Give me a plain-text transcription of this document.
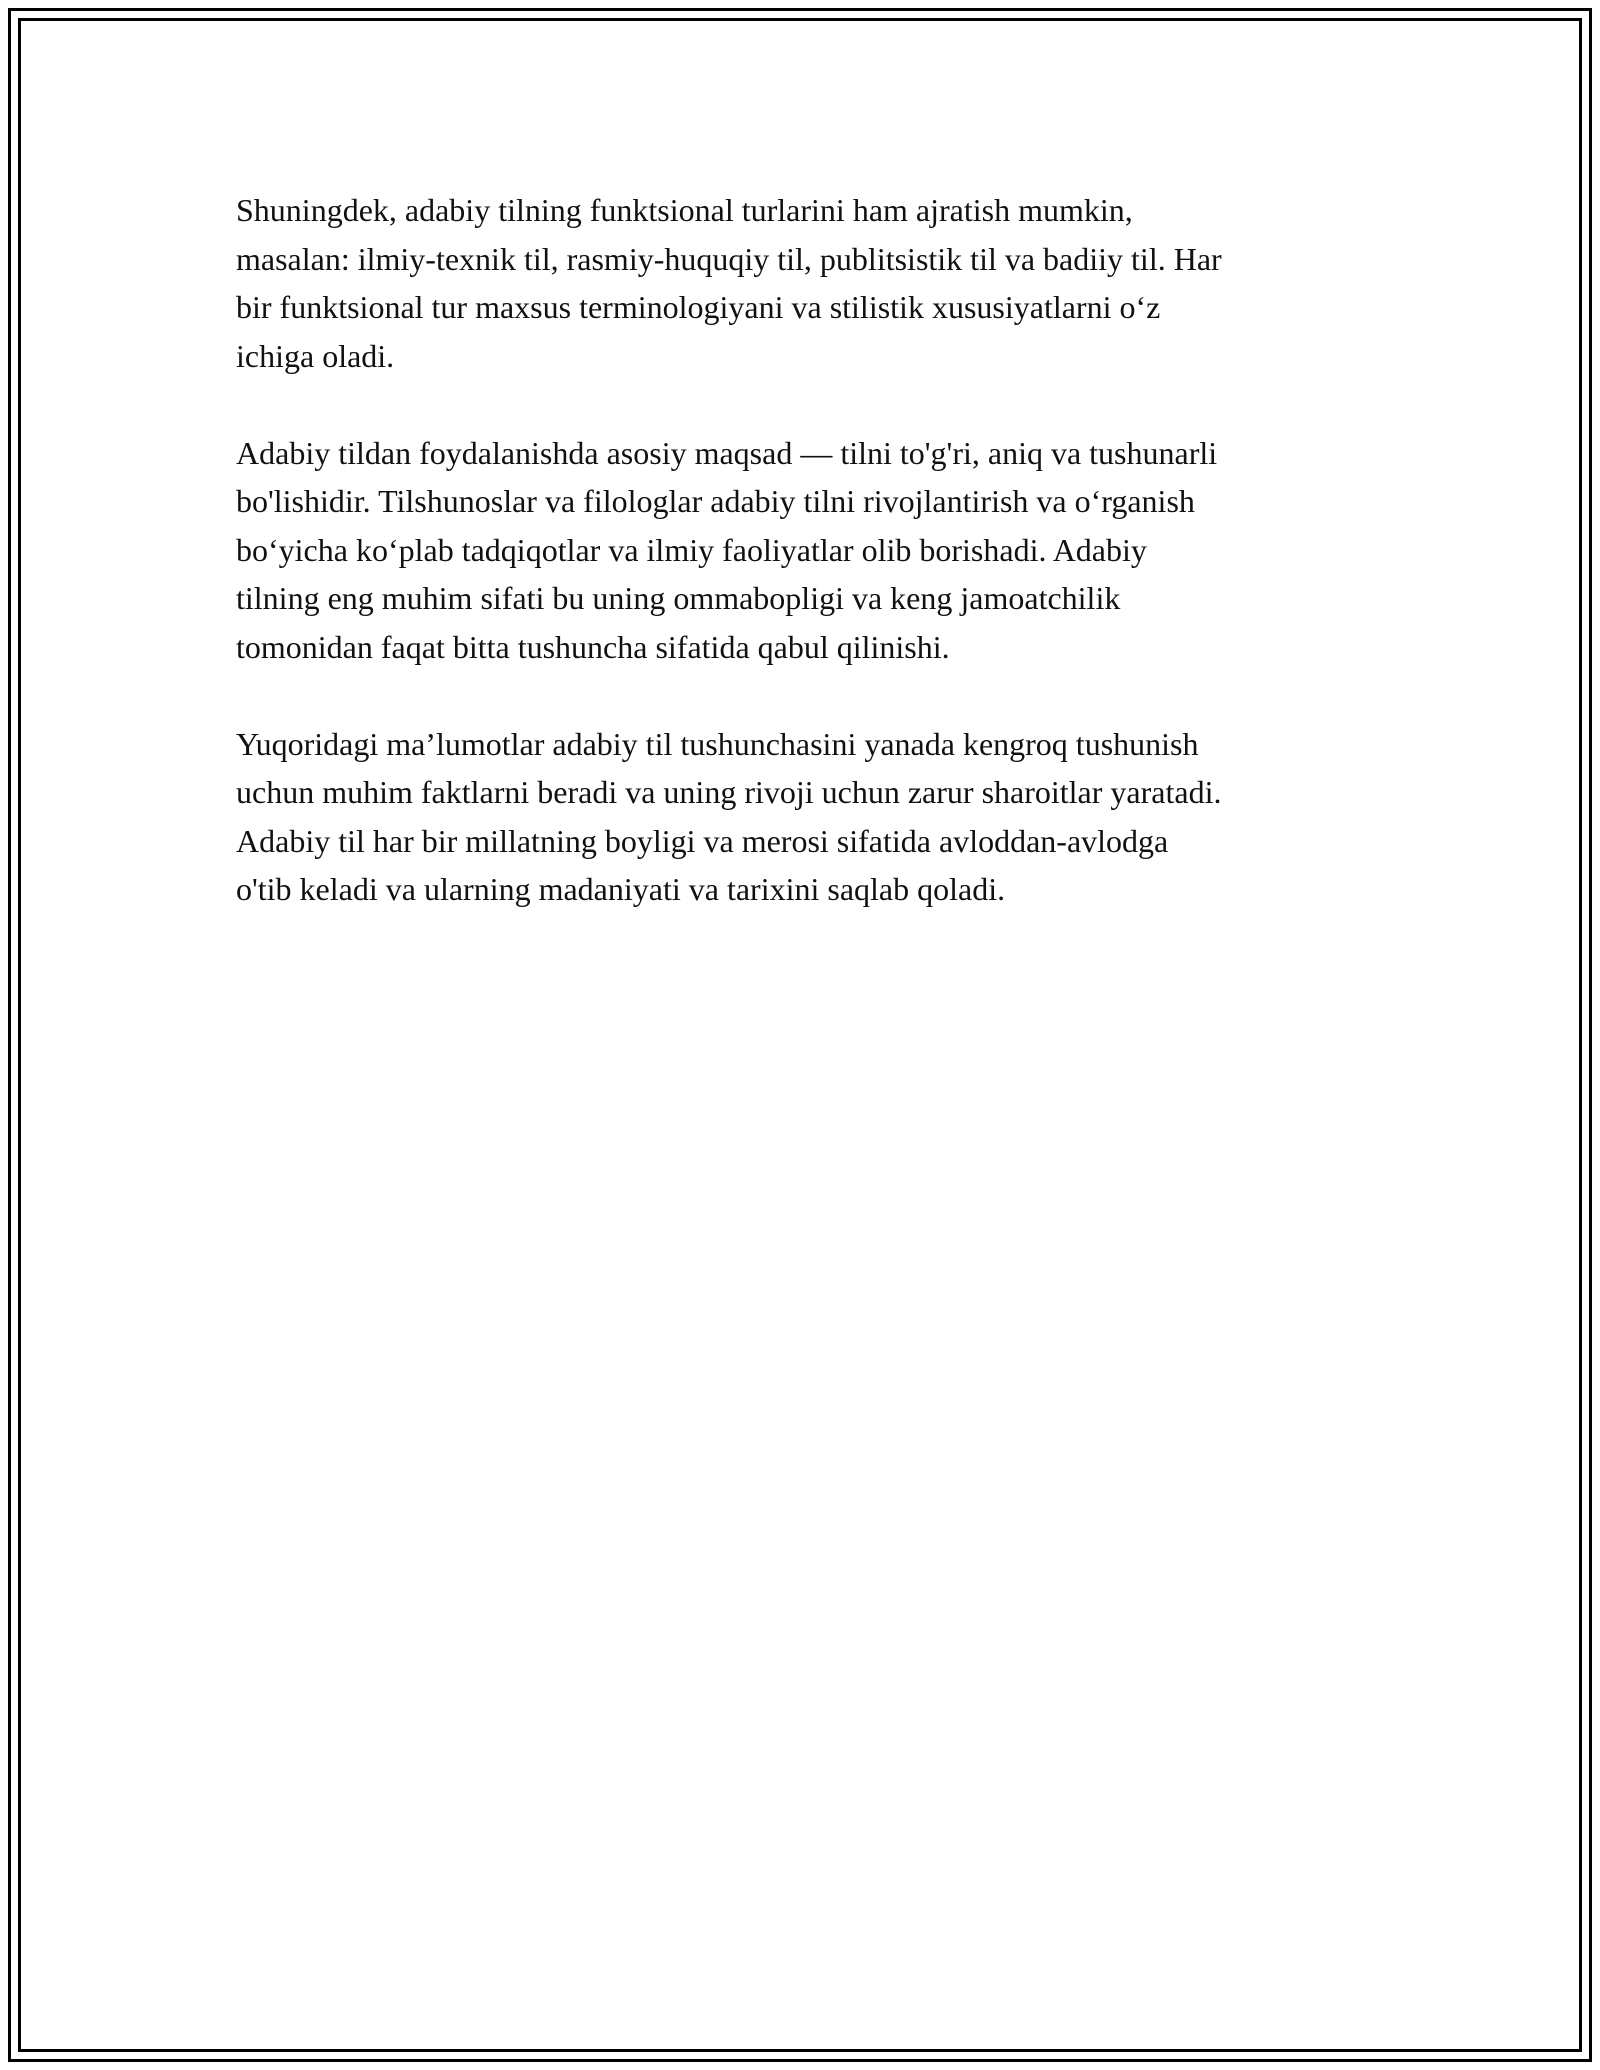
Shuningdek, adabiy tilning funktsional turlarini ham ajratish mumkin,
masalan: ilmiy-texnik til, rasmiy-huquqiy til, publitsistik til va badiiy til. Har
bir funktsional tur maxsus terminologiyani va stilistik xususiyatlarni o‘z
ichiga oladi.

Adabiy tildan foydalanishda asosiy maqsad — tilni to'g'ri, aniq va tushunarli
bo'lishidir. Tilshunoslar va filologlar adabiy tilni rivojlantirish va o‘rganish
bo‘yicha ko‘plab tadqiqotlar va ilmiy faoliyatlar olib borishadi. Adabiy
tilning eng muhim sifati bu uning ommabopligi va keng jamoatchilik
tomonidan faqat bitta tushuncha sifatida qabul qilinishi.

Yuqoridagi ma’lumotlar adabiy til tushunchasini yanada kengroq tushunish
uchun muhim faktlarni beradi va uning rivoji uchun zarur sharoitlar yaratadi.
Adabiy til har bir millatning boyligi va merosi sifatida avloddan-avlodga
o'tib keladi va ularning madaniyati va tarixini saqlab qoladi.
